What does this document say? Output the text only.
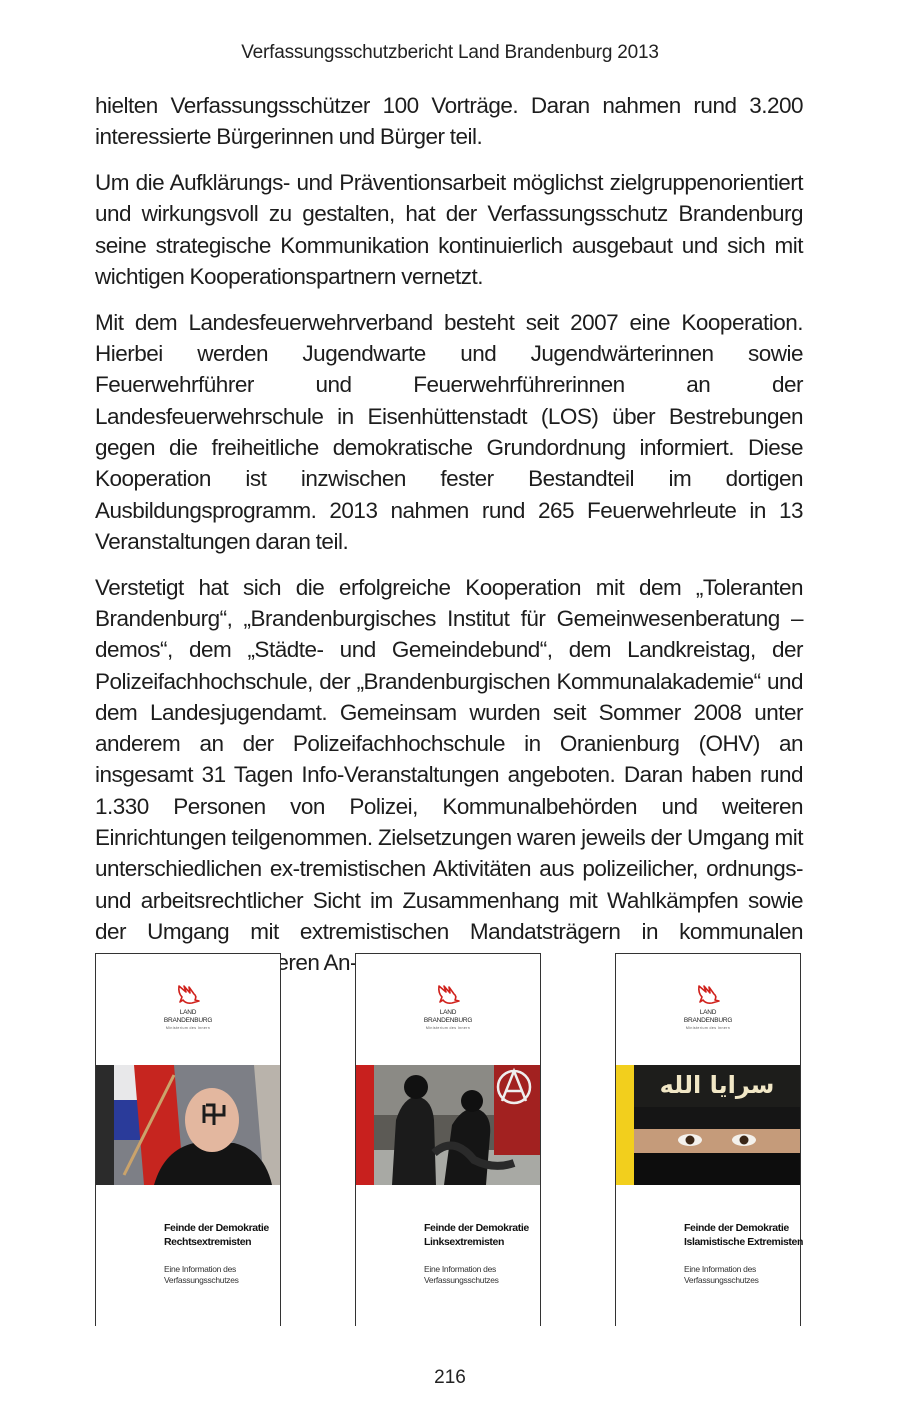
Verfassungsschutzbericht Land Brandenburg 2013

hielten Verfassungsschützer 100 Vorträge. Daran nahmen rund 3.200 interessierte Bürgerinnen und Bürger teil.

Um die Aufklärungs- und Präventionsarbeit möglichst zielgruppenorientiert und wirkungsvoll zu gestalten, hat der Verfassungsschutz Brandenburg seine strategische Kommunikation kontinuierlich ausgebaut und sich mit wichtigen Kooperationspartnern vernetzt.

Mit dem Landesfeuerwehrverband besteht seit 2007 eine Kooperation. Hierbei werden Jugendwarte und Jugendwärterinnen sowie Feuerwehrführer und Feuerwehrführerinnen an der Landesfeuerwehrschule in Eisenhüttenstadt (LOS) über Bestrebungen gegen die freiheitliche demokratische Grundordnung informiert. Diese Kooperation ist inzwischen fester Bestandteil im dortigen Ausbildungsprogramm. 2013 nahmen rund 265 Feuerwehrleute in 13 Veranstaltungen daran teil.

Verstetigt hat sich die erfolgreiche Kooperation mit dem „Toleranten Brandenburg“, „Brandenburgisches Institut für Gemeinwesenberatung – demos“, dem „Städte- und Gemeindebund“, dem Landkreistag, der Polizeifachhochschule, der „Brandenburgischen Kommunalakademie“ und dem Landesjugendamt. Gemeinsam wurden seit Sommer 2008 unter anderem an der Polizeifachhochschule in Oranienburg (OHV) an insgesamt 31 Tagen Info-Veranstaltungen angeboten. Daran haben rund 1.330 Personen von Polizei, Kommunalbehörden und weiteren Einrichtungen teilgenommen. Zielsetzungen waren jeweils der Umgang mit unterschiedlichen ex-tremistischen Aktivitäten aus polizeilicher, ordnungs- und arbeitsrechtlicher Sicht im Zusammenhang mit Wahlkämpfen sowie der Umgang mit extremistischen Mandatsträgern in kommunalen deren An-

LAND
BRANDENBURG
Ministerium des Innern
Feinde der Demokratie
Rechtsextremisten
Eine Information des
Verfassungsschutzes
LAND
BRANDENBURG
Ministerium des Innern
Feinde der Demokratie
Linksextremisten
Eine Information des
Verfassungsschutzes
LAND
BRANDENBURG
Ministerium des Innern
سرايا الله
Feinde der Demokratie
Islamistische Extremisten
Eine Information des
Verfassungsschutzes
216
